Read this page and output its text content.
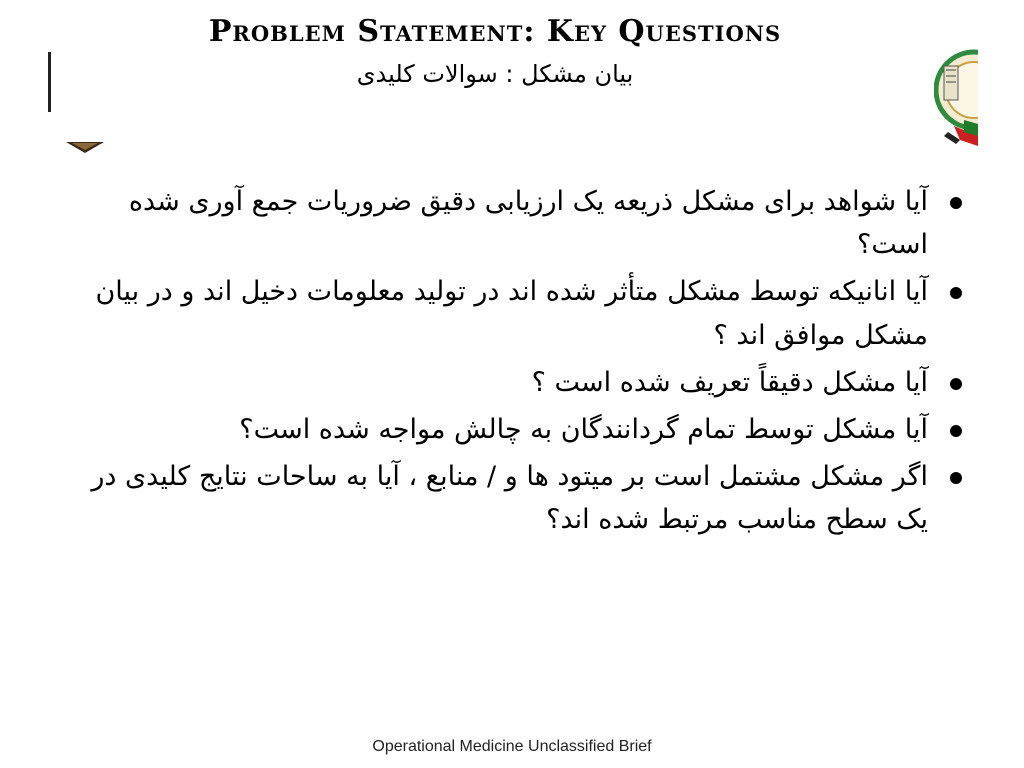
Problem Statement: Key Questions
بیان مشکل : سوالات کلیدی
آیا شواهد برای مشکل ذریعه یک ارزیابی دقیق ضروریات جمع آوری شده است؟
آیا انانیکه توسط مشکل متأثر شده اند در تولید معلومات دخیل اند و در بیان مشکل موافق اند ؟
آیا مشکل دقیقاً تعریف شده است ؟
آیا مشکل توسط تمام گردانندگان به چالش مواجه شده است؟
اگر مشکل مشتمل است بر میتود ها و / منابع ، آیا به ساحات نتایج کلیدی در یک سطح مناسب مرتبط شده اند؟
Operational Medicine Unclassified Brief
